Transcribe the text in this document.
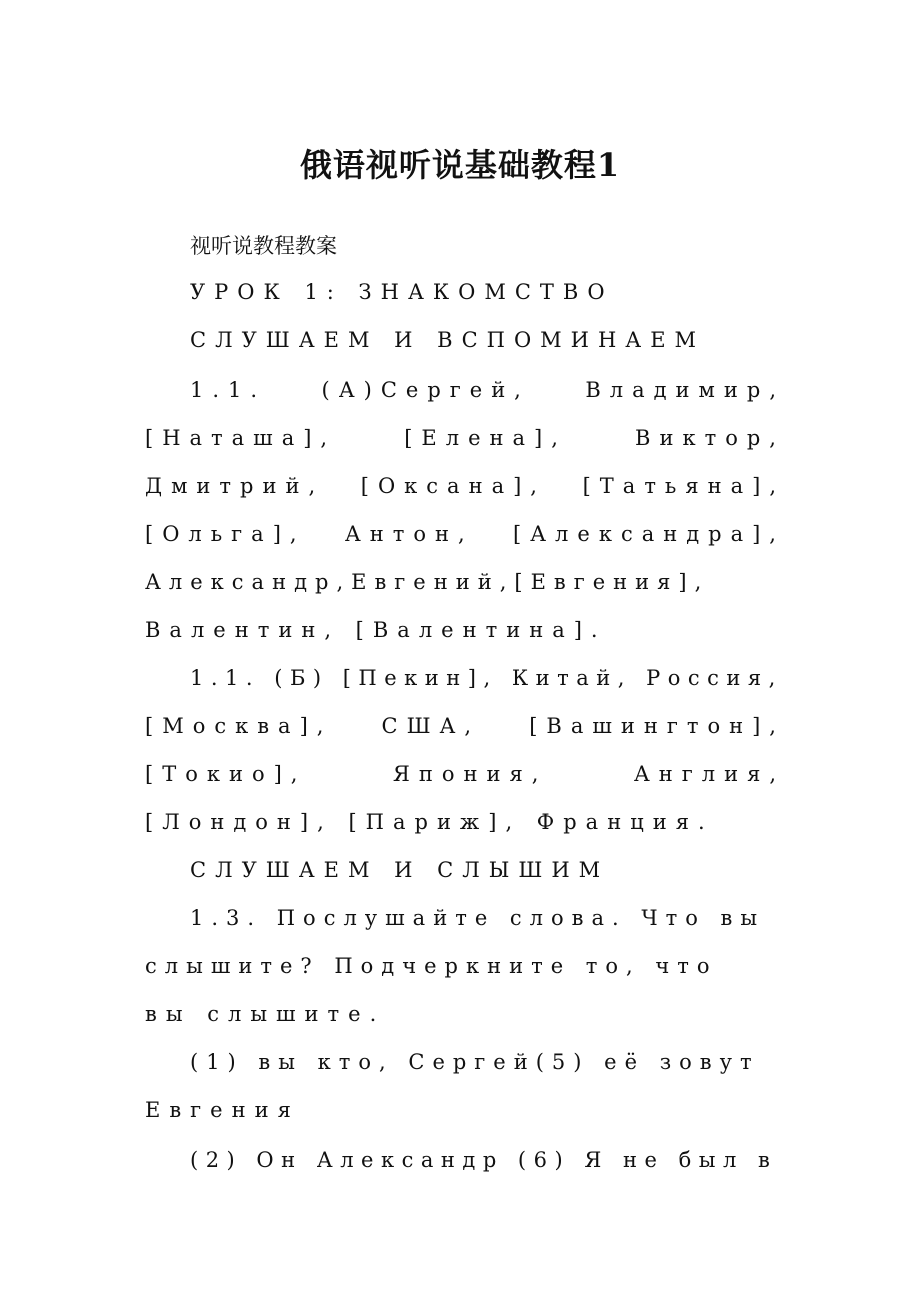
俄语视听说基础教程1
视听说教程教案
УРОК 1: ЗНАКОМСТВО
СЛУШАЕМ И ВСПОМИНАЕМ
1.1.	(А)Сергей,	Владимир,
[Наташа],	[Елена],	Виктор,
Дмитрий, [Оксана], [Татьяна],
[Ольга], Антон, [Александра],
Александр,Евгений,[Евгения],
Валентин, [Валентина].
1.1. (Б) [Пекин], Китай, Россия,
[Москва], США, [Вашингтон],
[Токио],	Япония,	Англия,
[Лондон], [Париж], Франция.
СЛУШАЕМ И СЛЫШИМ
1.3. Послушайте слова. Что вы
слышите? Подчеркните то, что
вы слышите.
(1) вы кто, Сергей(5) её зовут
Евгения
(2) Он Александр (6) Я не был в
